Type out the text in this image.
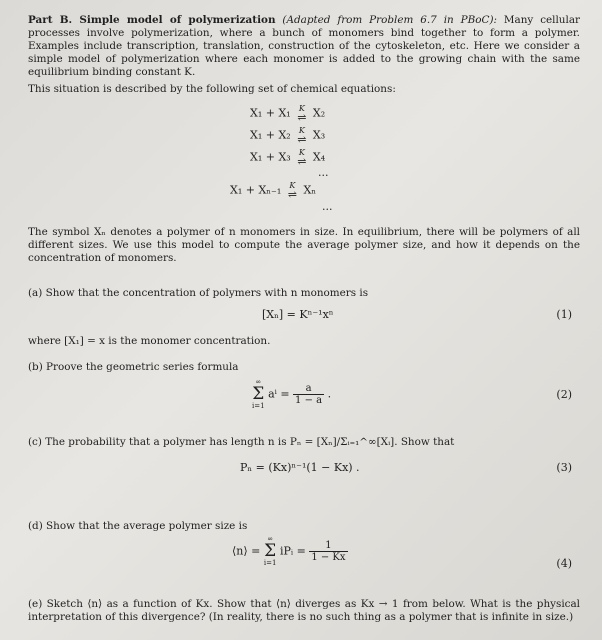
Part B. Simple model of polymerization (Adapted from Problem 6.7 in PBoC): Many cellular processes involve polymerization, where a bunch of monomers bind together to form a polymer. Examples include transcription, translation, construction of the cytoskeleton, etc. Here we consider a simple model of polymerization where each monomer is added to the growing chain with the same equilibrium binding constant K.
This situation is described by the following set of chemical equations:
X₁ + X₁ K
⇌ X₂
X₁ + X₂ K
⇌ X₃
X₁ + X₃ K
⇌ X₄
...
X₁ + Xₙ₋₁ K
⇌ Xₙ
...
The symbol Xₙ denotes a polymer of n monomers in size. In equilibrium, there will be polymers of all different sizes. We use this model to compute the average polymer size, and how it depends on the concentration of monomers.
(a) Show that the concentration of polymers with n monomers is
[Xₙ] = Kⁿ⁻¹xⁿ	(1)
where [X₁] = x is the monomer concentration.
(b) Proove the geometric series formula
∞
Σ
i=1
$a^i = \frac{a}{1 - a}$ .	(2)
(c) The probability that a polymer has length n is Pₙ = [Xₙ]/Σᵢ₌₁^∞[Xᵢ]. Show that
Pₙ = (Kx)ⁿ⁻¹(1 − Kx) .	(3)
(d) Show that the average polymer size is
⟨n⟩ =
∞
Σ
i=1
iPᵢ = $\frac{1}{1 - Kx}$
(4)
(e) Sketch ⟨n⟩ as a function of Kx. Show that ⟨n⟩ diverges as Kx → 1 from below. What is the physical interpretation of this divergence? (In reality, there is no such thing as a polymer that is infinite in size.)
